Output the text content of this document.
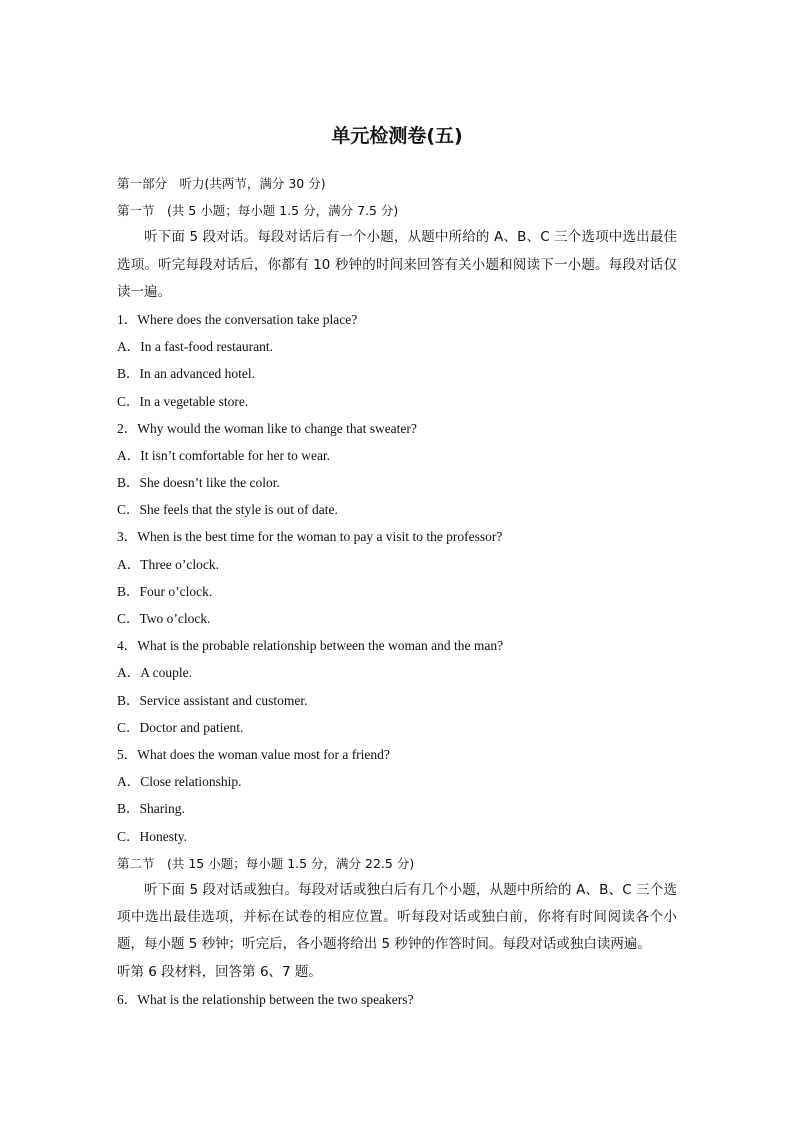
单元检测卷(五)
第一部分　听力(共两节，满分 30 分)
第一节　(共 5 小题；每小题 1.5 分，满分 7.5 分)
听下面 5 段对话。每段对话后有一个小题，从题中所给的 A、B、C 三个选项中选出最佳选项。听完每段对话后，你都有 10 秒钟的时间来回答有关小题和阅读下一小题。每段对话仅读一遍。
1．Where does the conversation take place?
A．In a fast-food restaurant.
B．In an advanced hotel.
C．In a vegetable store.
2．Why would the woman like to change that sweater?
A．It isn’t comfortable for her to wear.
B．She doesn’t like the color.
C．She feels that the style is out of date.
3．When is the best time for the woman to pay a visit to the professor?
A．Three o’clock.
B．Four o’clock.
C．Two o’clock.
4．What is the probable relationship between the woman and the man?
A．A couple.
B．Service assistant and customer.
C．Doctor and patient.
5．What does the woman value most for a friend?
A．Close relationship.
B．Sharing.
C．Honesty.
第二节　(共 15 小题；每小题 1.5 分，满分 22.5 分)
听下面 5 段对话或独白。每段对话或独白后有几个小题，从题中所给的 A、B、C 三个选项中选出最佳选项，并标在试卷的相应位置。听每段对话或独白前，你将有时间阅读各个小题，每小题 5 秒钟；听完后，各小题将给出 5 秒钟的作答时间。每段对话或独白读两遍。
听第 6 段材料，回答第 6、7 题。
6．What is the relationship between the two speakers?
